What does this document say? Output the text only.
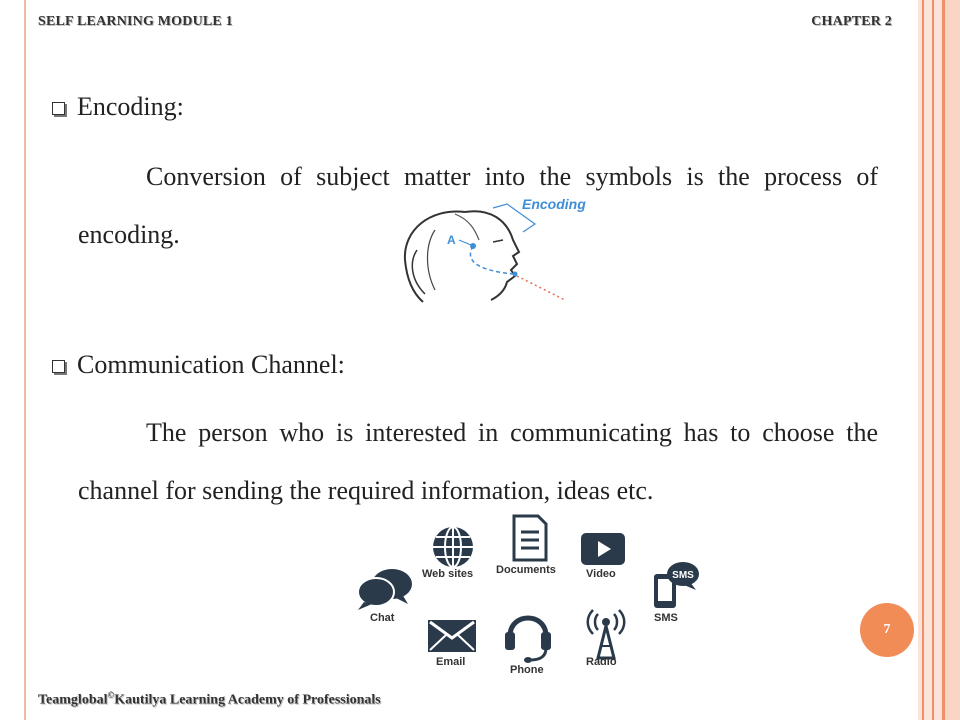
SELF LEARNING MODULE 1	CHAPTER 2
Encoding:
Conversion of subject matter into the symbols is the process of encoding.	A
Encoding
Communication Channel:
The person who is interested in communicating has to choose the channel for sending the required information, ideas etc.
Web sites Documents	Video
Chat
SMS
SMS
Email
Phone
Radio
7
Teamglobal©Kautilya Learning Academy of Professionals
